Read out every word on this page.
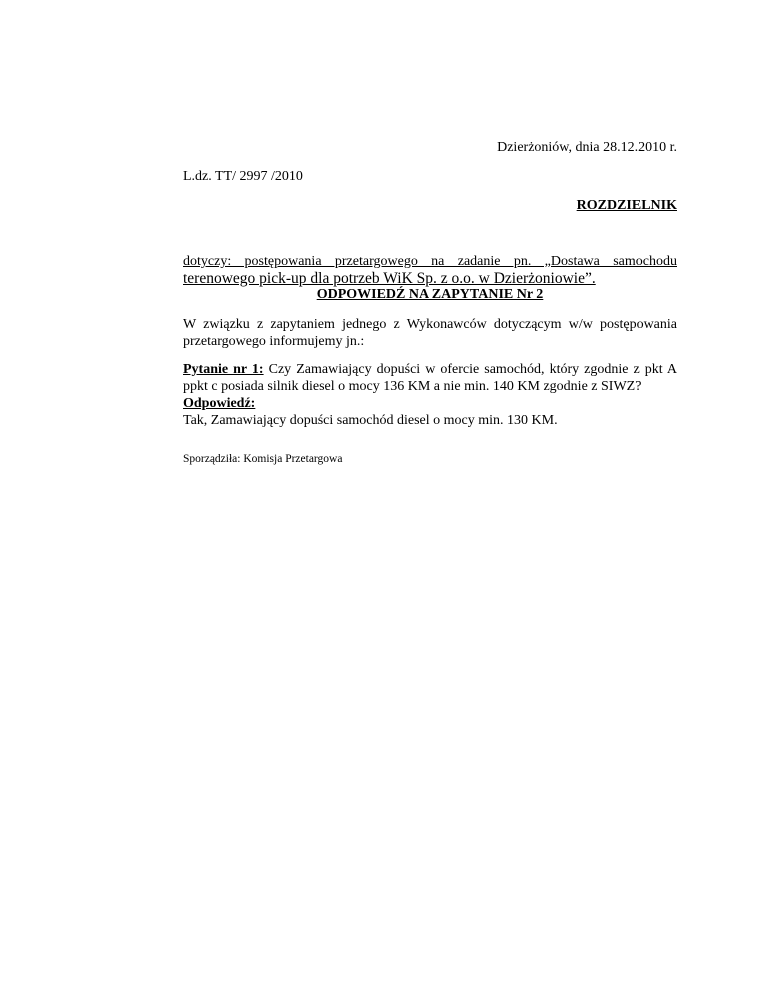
Dzierżoniów, dnia 28.12.2010 r.
L.dz. TT/ 2997 /2010
ROZDZIELNIK
dotyczy: postępowania przetargowego na zadanie pn. „Dostawa samochodu
terenowego pick-up dla potrzeb WiK Sp. z o.o. w Dzierżoniowie”.
ODPOWIEDŹ NA ZAPYTANIE Nr 2
W związku z zapytaniem jednego z Wykonawców dotyczącym w/w postępowania przetargowego informujemy jn.:

Pytanie nr 1: Czy Zamawiający dopuści w ofercie samochód, który zgodnie z pkt A ppkt c posiada silnik diesel o mocy 136 KM a nie min. 140 KM zgodnie z SIWZ?

Odpowiedź:

Tak, Zamawiający dopuści samochód diesel o mocy min. 130 KM.

Sporządziła: Komisja Przetargowa
